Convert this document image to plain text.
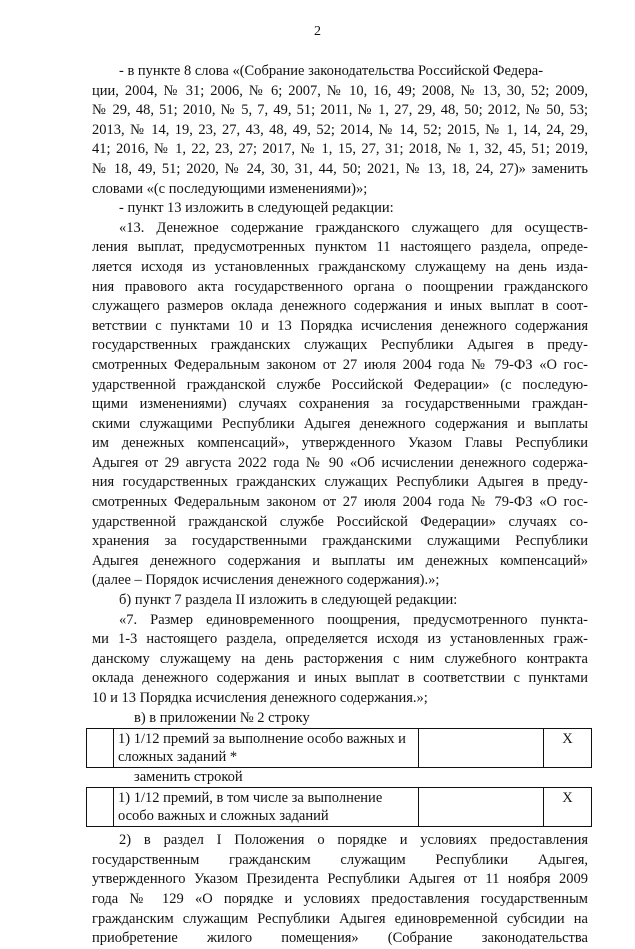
2
- в пункте 8 слова «(Собрание законодательства Российской Федера-
ции, 2004, № 31; 2006, № 6; 2007, № 10, 16, 49; 2008, № 13, 30, 52; 2009,
№ 29, 48, 51; 2010, № 5, 7, 49, 51; 2011, № 1, 27, 29, 48, 50; 2012, № 50, 53;
2013, № 14, 19, 23, 27, 43, 48, 49, 52; 2014, № 14, 52; 2015, № 1, 14, 24, 29,
41; 2016, № 1, 22, 23, 27; 2017, № 1, 15, 27, 31; 2018, № 1, 32, 45, 51; 2019,
№ 18, 49, 51; 2020, № 24, 30, 31, 44, 50; 2021, № 13, 18, 24, 27)» заменить
словами «(с последующими изменениями)»;
- пункт 13 изложить в следующей редакции:
«13. Денежное содержание гражданского служащего для осуществ-
ления выплат, предусмотренных пунктом 11 настоящего раздела, опреде-
ляется исходя из установленных гражданскому служащему на день изда-
ния правового акта государственного органа о поощрении гражданского
служащего размеров оклада денежного содержания и иных выплат в соот-
ветствии с пунктами 10 и 13 Порядка исчисления денежного содержания
государственных гражданских служащих Республики Адыгея в преду-
смотренных Федеральным законом от 27 июля 2004 года № 79-ФЗ «О гос-
ударственной гражданской службе Российской Федерации» (с последую-
щими изменениями) случаях сохранения за государственными граждан-
скими служащими Республики Адыгея денежного содержания и выплаты
им денежных компенсаций», утвержденного Указом Главы Республики
Адыгея от 29 августа 2022 года № 90 «Об исчислении денежного содержа-
ния государственных гражданских служащих Республики Адыгея в преду-
смотренных Федеральным законом от 27 июля 2004 года № 79-ФЗ «О гос-
ударственной гражданской службе Российской Федерации» случаях со-
хранения за государственными гражданскими служащими Республики
Адыгея денежного содержания и выплаты им денежных компенсаций»
(далее – Порядок исчисления денежного содержания).»;
б) пункт 7 раздела II изложить в следующей редакции:
«7. Размер единовременного поощрения, предусмотренного пункта-
ми 1-3 настоящего раздела, определяется исходя из установленных граж-
данскому служащему на день расторжения с ним служебного контракта
оклада денежного содержания и иных выплат в соответствии с пунктами
10 и 13 Порядка исчисления денежного содержания.»;
в) в приложении № 2 строку
	1) 1/12 премий за выполнение особо важных и сложных заданий *		X
заменить строкой
	1) 1/12 премий, в том числе за выполнение особо важных и сложных заданий		X
2) в раздел I Положения о порядке и условиях предоставления
государственным гражданским служащим Республики Адыгея,
утвержденного Указом Президента Республики Адыгея от 11 ноября 2009
года № 129 «О порядке и условиях предоставления государственным
гражданским служащим Республики Адыгея единовременной субсидии на
приобретение жилого помещения» (Собрание законодательства
